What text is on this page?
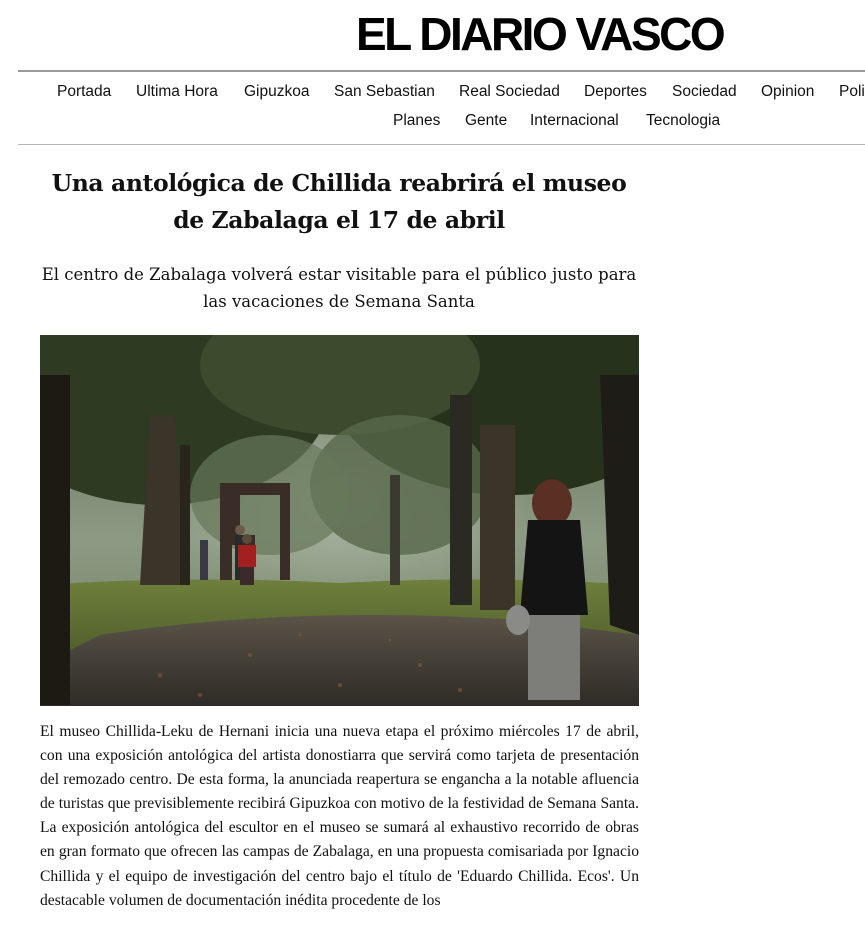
EL DIARIO VASCO
Portada Ultima Hora Gipuzkoa San Sebastian Real Sociedad Deportes Sociedad Opinion Poli
Planes Gente Internacional Tecnologia
Una antológica de Chillida reabrirá el museo de Zabalaga el 17 de abril
El centro de Zabalaga volverá estar visitable para el público justo para las vacaciones de Semana Santa

El museo Chillida-Leku de Hernani inicia una nueva etapa el próximo miércoles 17 de abril, con una exposición antológica del artista donostiarra que servirá como tarjeta de presentación del remozado centro. De esta forma, la anunciada reapertura se engancha a la notable afluencia de turistas que previsiblemente recibirá Gipuzkoa con motivo de la festividad de Semana Santa. La exposición antológica del escultor en el museo se sumará al exhaustivo recorrido de obras en gran formato que ofrecen las campas de Zabalaga, en una propuesta comisariada por Ignacio Chillida y el equipo de investigación del centro bajo el título de 'Eduardo Chillida. Ecos'. Un destacable volumen de documentación inédita procedente de los
